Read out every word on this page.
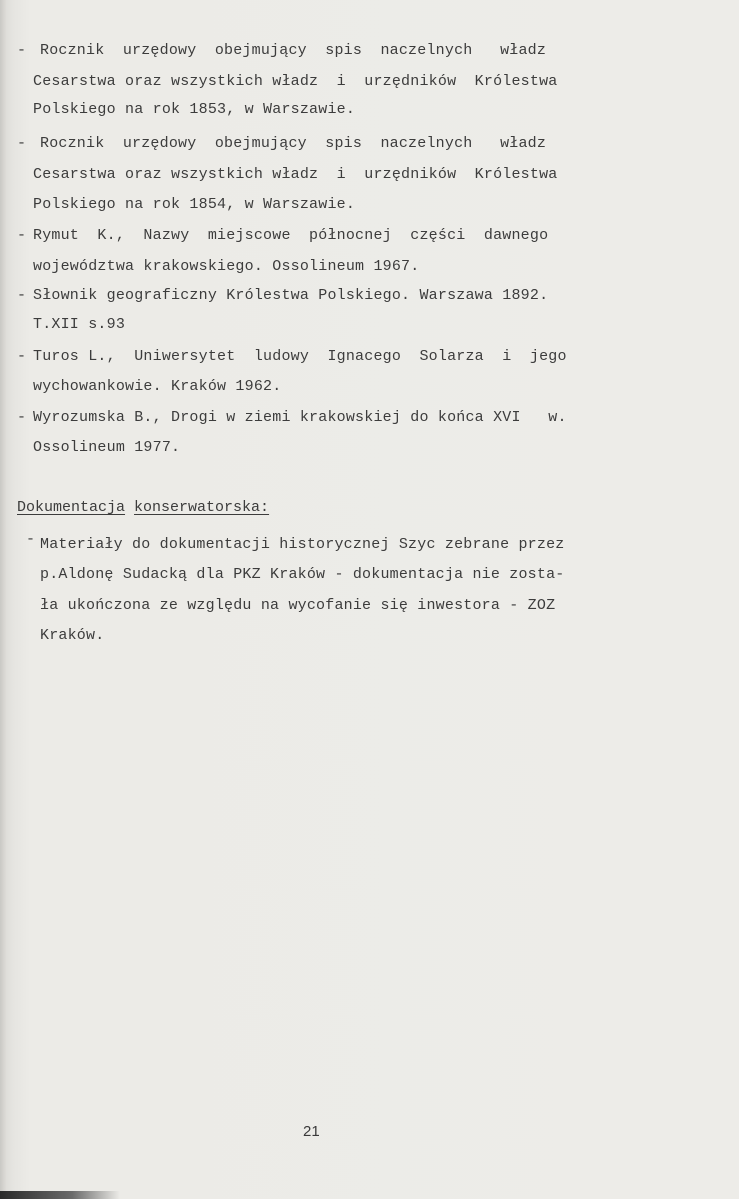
- Rocznik  urzędowy  obejmujący  spis  naczelnych   władz
Cesarstwa oraz wszystkich władz  i  urzędników  Królestwa
Polskiego na rok 1853, w Warszawie.
- Rocznik  urzędowy  obejmujący  spis  naczelnych   władz
Cesarstwa oraz wszystkich władz  i  urzędników  Królestwa
Polskiego na rok 1854, w Warszawie.
- Rymut  K.,  Nazwy  miejscowe  północnej  części  dawnego
województwa krakowskiego. Ossolineum 1967.
- Słownik geograficzny Królestwa Polskiego. Warszawa 1892.
T.XII s.93
- Turos L.,  Uniwersytet  ludowy  Ignacego  Solarza  i  jego
wychowankowie. Kraków 1962.
- Wyrozumska B., Drogi w ziemi krakowskiej do końca XVI   w.
Ossolineum 1977.
Dokumentacja konserwatorska:
- Materiały do dokumentacji historycznej Szyc zebrane przez
p.Aldonę Sudacką dla PKZ Kraków - dokumentacja nie zosta-
ła ukończona ze względu na wycofanie się inwestora - ZOZ
Kraków.
21
